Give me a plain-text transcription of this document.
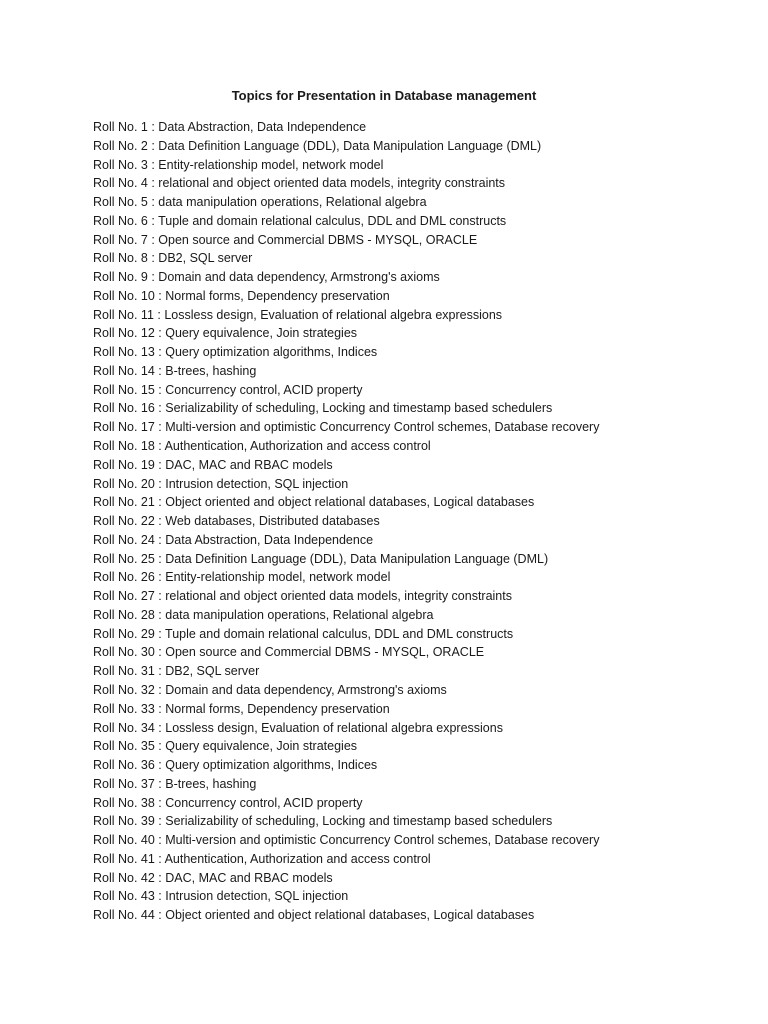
Topics for Presentation in Database management
Roll No. 1 : Data Abstraction, Data Independence
Roll No. 2 : Data Definition Language (DDL), Data Manipulation Language (DML)
Roll No. 3 : Entity-relationship model, network model
Roll No. 4 : relational and object oriented data models, integrity constraints
Roll No. 5 : data manipulation operations, Relational algebra
Roll No. 6 : Tuple and domain relational calculus, DDL and DML constructs
Roll No. 7 : Open source and Commercial DBMS - MYSQL, ORACLE
Roll No. 8 : DB2, SQL server
Roll No. 9 : Domain and data dependency, Armstrong's axioms
Roll No. 10 : Normal forms, Dependency preservation
Roll No. 11 : Lossless design, Evaluation of relational algebra expressions
Roll No. 12 : Query equivalence, Join strategies
Roll No. 13 : Query optimization algorithms, Indices
Roll No. 14 : B-trees, hashing
Roll No. 15 : Concurrency control, ACID property
Roll No. 16 : Serializability of scheduling, Locking and timestamp based schedulers
Roll No. 17 : Multi-version and optimistic Concurrency Control schemes, Database recovery
Roll No. 18 : Authentication, Authorization and access control
Roll No. 19 : DAC, MAC and RBAC models
Roll No. 20 : Intrusion detection, SQL injection
Roll No. 21 : Object oriented and object relational databases, Logical databases
Roll No. 22 : Web databases, Distributed databases
Roll No. 24 : Data Abstraction, Data Independence
Roll No. 25 : Data Definition Language (DDL), Data Manipulation Language (DML)
Roll No. 26 : Entity-relationship model, network model
Roll No. 27 : relational and object oriented data models, integrity constraints
Roll No. 28 : data manipulation operations, Relational algebra
Roll No. 29 : Tuple and domain relational calculus, DDL and DML constructs
Roll No. 30 : Open source and Commercial DBMS - MYSQL, ORACLE
Roll No. 31 : DB2, SQL server
Roll No. 32 : Domain and data dependency, Armstrong's axioms
Roll No. 33 : Normal forms, Dependency preservation
Roll No. 34 : Lossless design, Evaluation of relational algebra expressions
Roll No. 35 : Query equivalence, Join strategies
Roll No. 36 : Query optimization algorithms, Indices
Roll No. 37 : B-trees, hashing
Roll No. 38 : Concurrency control, ACID property
Roll No. 39 : Serializability of scheduling, Locking and timestamp based schedulers
Roll No. 40 : Multi-version and optimistic Concurrency Control schemes, Database recovery
Roll No. 41 : Authentication, Authorization and access control
Roll No. 42 : DAC, MAC and RBAC models
Roll No. 43 : Intrusion detection, SQL injection
Roll No. 44 : Object oriented and object relational databases, Logical databases
